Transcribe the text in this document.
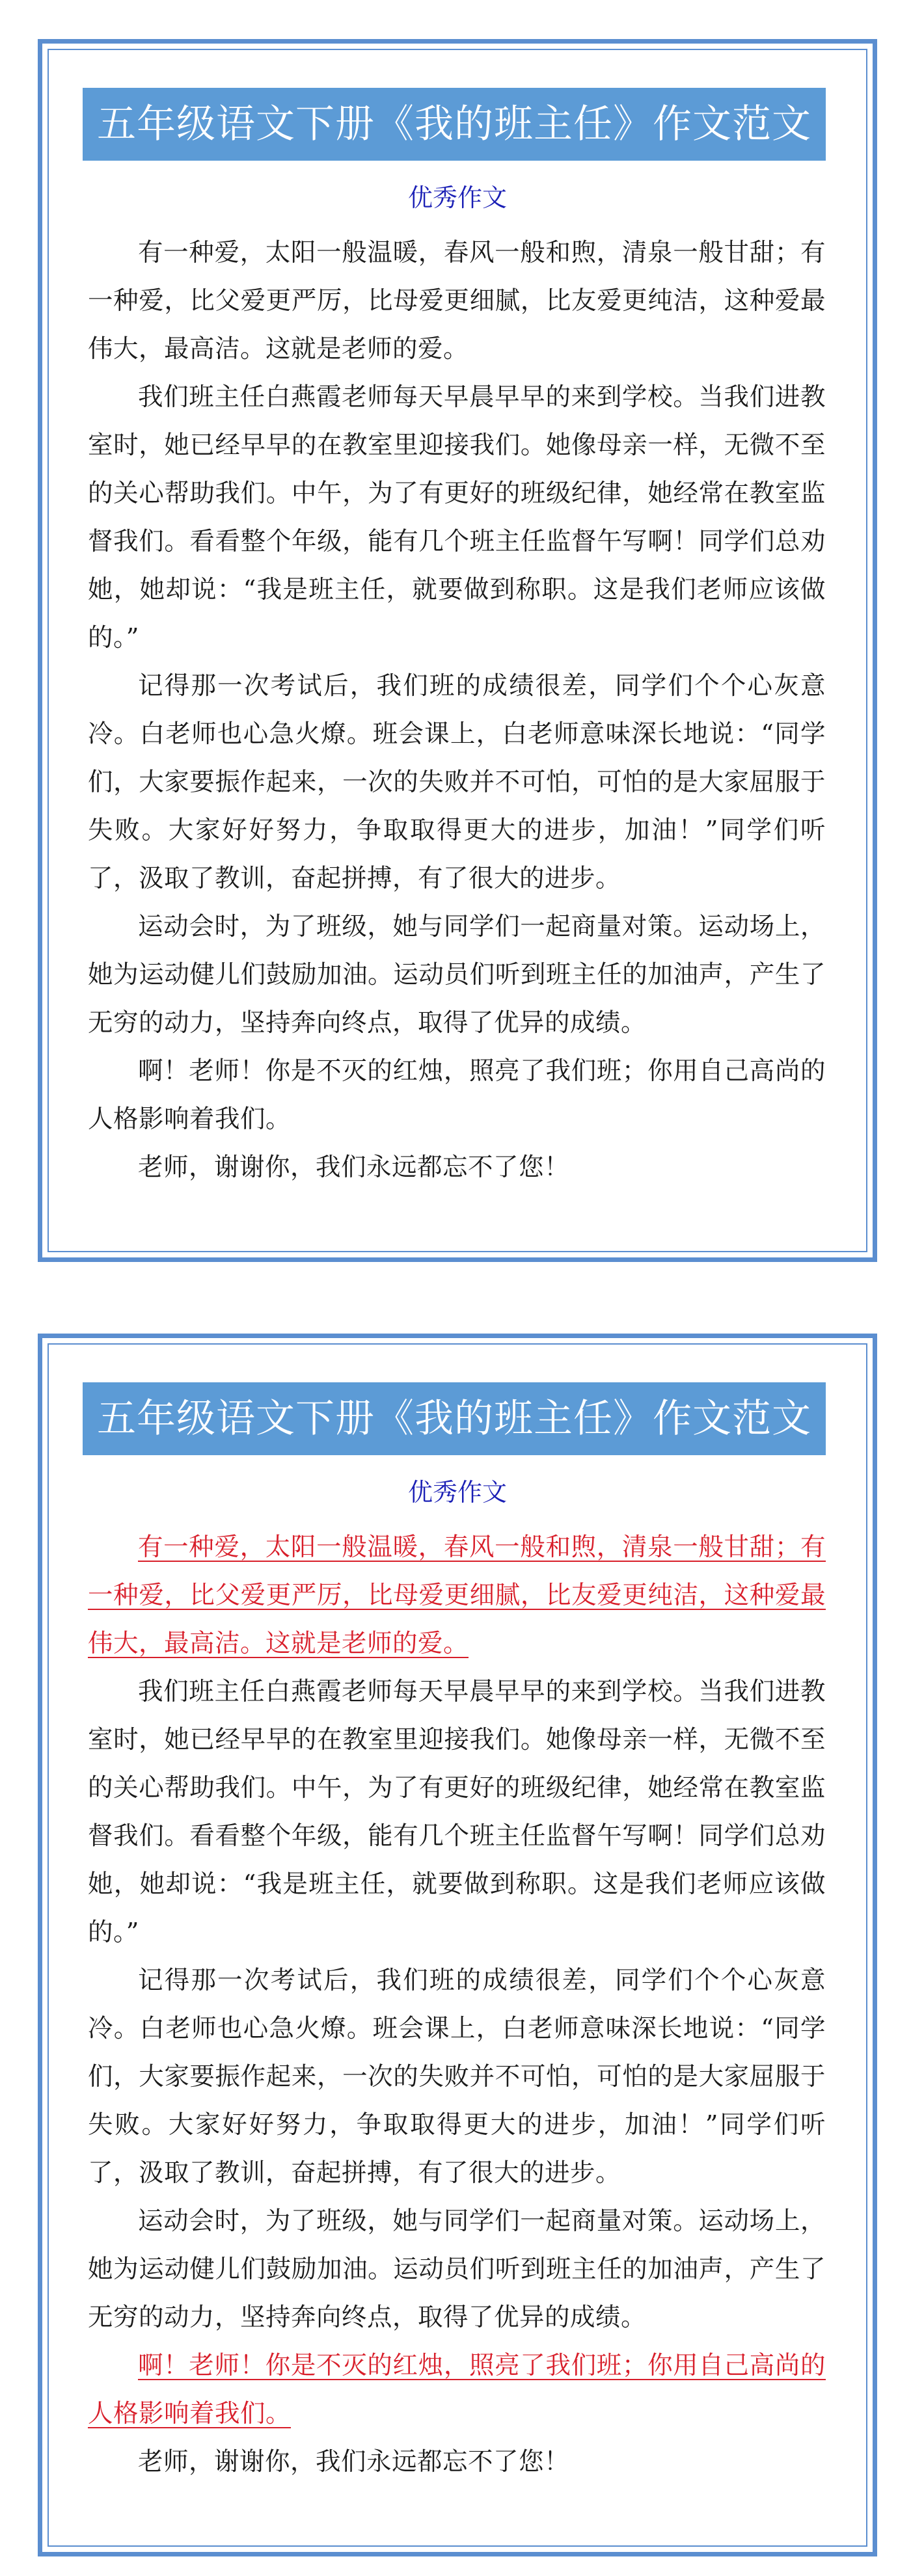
五年级语文下册《我的班主任》作文范文
优秀作文

有一种爱，太阳一般温暖，春风一般和煦，清泉一般甘甜；有一种爱，比父爱更严厉，比母爱更细腻，比友爱更纯洁，这种爱最伟大，最高洁。这就是老师的爱。

我们班主任白燕霞老师每天早晨早早的来到学校。当我们进教室时，她已经早早的在教室里迎接我们。她像母亲一样，无微不至的关心帮助我们。中午，为了有更好的班级纪律，她经常在教室监督我们。看看整个年级，能有几个班主任监督午写啊！同学们总劝她，她却说：“我是班主任，就要做到称职。这是我们老师应该做的。”

记得那一次考试后，我们班的成绩很差，同学们个个心灰意冷。白老师也心急火燎。班会课上，白老师意味深长地说：“同学们，大家要振作起来，一次的失败并不可怕，可怕的是大家屈服于失败。大家好好努力，争取取得更大的进步，加油！”同学们听了，汲取了教训，奋起拼搏，有了很大的进步。

运动会时，为了班级，她与同学们一起商量对策。运动场上，她为运动健儿们鼓励加油。运动员们听到班主任的加油声，产生了无穷的动力，坚持奔向终点，取得了优异的成绩。

啊！老师！你是不灭的红烛，照亮了我们班；你用自己高尚的人格影响着我们。

老师，谢谢你，我们永远都忘不了您！

五年级语文下册《我的班主任》作文范文
优秀作文

有一种爱，太阳一般温暖，春风一般和煦，清泉一般甘甜；有一种爱，比父爱更严厉，比母爱更细腻，比友爱更纯洁，这种爱最伟大，最高洁。这就是老师的爱。

我们班主任白燕霞老师每天早晨早早的来到学校。当我们进教室时，她已经早早的在教室里迎接我们。她像母亲一样，无微不至的关心帮助我们。中午，为了有更好的班级纪律，她经常在教室监督我们。看看整个年级，能有几个班主任监督午写啊！同学们总劝她，她却说：“我是班主任，就要做到称职。这是我们老师应该做的。”

记得那一次考试后，我们班的成绩很差，同学们个个心灰意冷。白老师也心急火燎。班会课上，白老师意味深长地说：“同学们，大家要振作起来，一次的失败并不可怕，可怕的是大家屈服于失败。大家好好努力，争取取得更大的进步，加油！”同学们听了，汲取了教训，奋起拼搏，有了很大的进步。

运动会时，为了班级，她与同学们一起商量对策。运动场上，她为运动健儿们鼓励加油。运动员们听到班主任的加油声，产生了无穷的动力，坚持奔向终点，取得了优异的成绩。

啊！老师！你是不灭的红烛，照亮了我们班；你用自己高尚的人格影响着我们。

老师，谢谢你，我们永远都忘不了您！
